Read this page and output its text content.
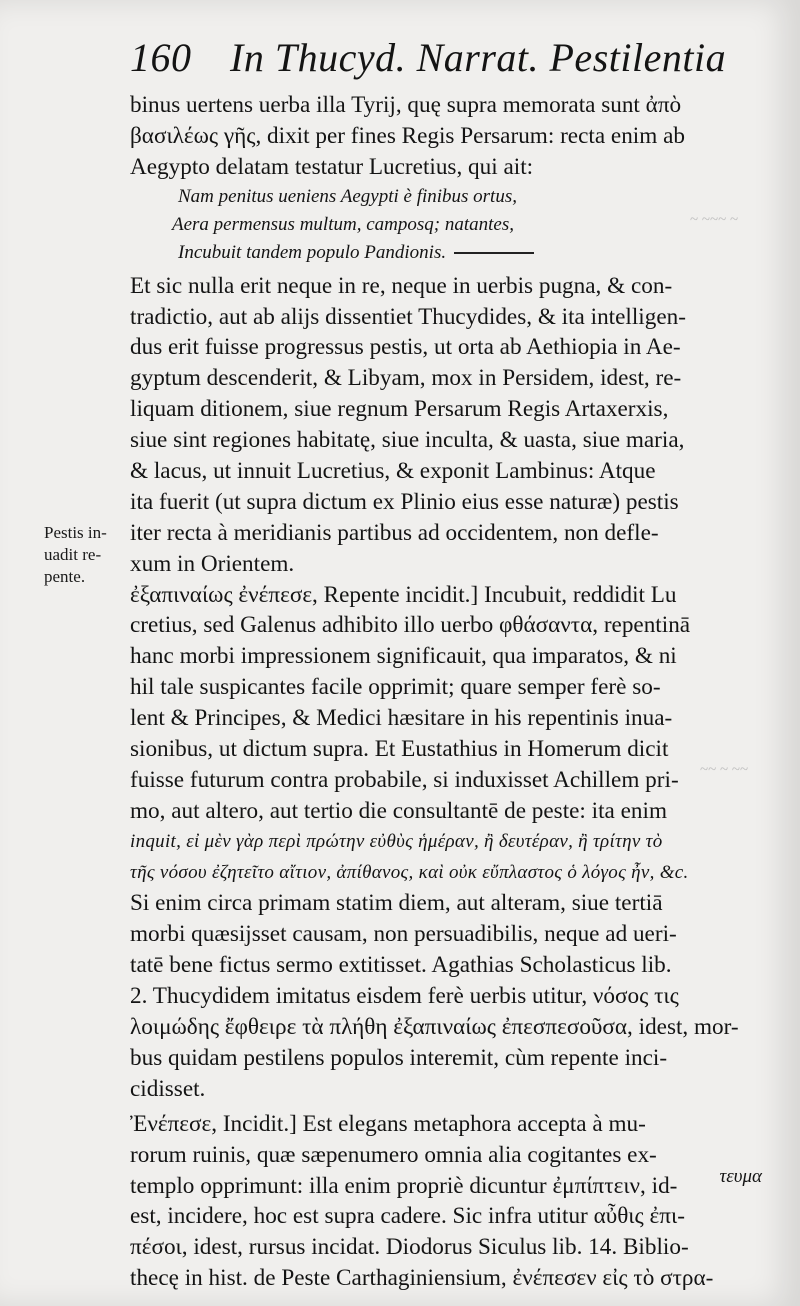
~ ~~~ ~
~~ ~ ~~
160 In Thucyd. Narrat. Pestilentia
Pestis in-
uadit re-
pente.
binus uertens uerba illa Tyrij, quę supra memorata sunt ἀπὸ
βασιλέως γῆς, dixit per fines Regis Persarum: recta enim ab
Aegypto delatam testatur Lucretius, qui ait:
Nam penitus ueniens Aegypti è finibus ortus,
Aera permensus multum, camposq; natantes,
Incubuit tandem populo Pandionis.
Et sic nulla erit neque in re, neque in uerbis pugna, & con-
tradictio, aut ab alijs dissentiet Thucydides, & ita intelligen-
dus erit fuisse progressus pestis, ut orta ab Aethiopia in Ae-
gyptum descenderit, & Libyam, mox in Persidem, idest, re-
liquam ditionem, siue regnum Persarum Regis Artaxerxis,
siue sint regiones habitatę, siue inculta, & uasta, siue maria,
& lacus, ut innuit Lucretius, & exponit Lambinus: Atque
ita fuerit (ut supra dictum ex Plinio eius esse naturæ) pestis
iter recta à meridianis partibus ad occidentem, non defle-
xum in Orientem.
ἐξαπιναίως ἐνέπεσε, Repente incidit.] Incubuit, reddidit Lu
cretius, sed Galenus adhibito illo uerbo φθάσαντα, repentinā
hanc morbi impressionem significauit, qua imparatos, & ni
hil tale suspicantes facile opprimit; quare semper ferè so-
lent & Principes, & Medici hæsitare in his repentinis inua-
sionibus, ut dictum supra. Et Eustathius in Homerum dicit
fuisse futurum contra probabile, si induxisset Achillem pri-
mo, aut altero, aut tertio die consultantē de peste: ita enim
inquit, εἰ μὲν γὰρ περὶ πρώτην εὐθὺς ἡμέραν, ἢ δευτέραν, ἢ τρίτην τὸ
τῆς νόσου ἐζητεῖτο αἴτιον, ἀπίθανος, καὶ οὐκ εὔπλαστος ὁ λόγος ἦν, &c.
Si enim circa primam statim diem, aut alteram, siue tertiā
morbi quæsijsset causam, non persuadibilis, neque ad ueri-
tatē bene fictus sermo extitisset. Agathias Scholasticus lib.
2. Thucydidem imitatus eisdem ferè uerbis utitur, νόσος τις
λοιμώδης ἔφθειρε τὰ πλήθη ἐξαπιναίως ἐπεσπεσοῦσα, idest, mor-
bus quidam pestilens populos interemit, cùm repente inci-
cidisset.
Ἐνέπεσε, Incidit.] Est elegans metaphora accepta à mu-
rorum ruinis, quæ sæpenumero omnia alia cogitantes ex-
templo opprimunt: illa enim propriè dicuntur ἐμπίπτειν, id-
est, incidere, hoc est supra cadere. Sic infra utitur αὖθις ἐπι-
πέσοι, idest, rursus incidat. Diodorus Siculus lib. 14. Biblio-
thecę in hist. de Peste Carthaginiensium, ἐνέπεσεν εἰς τὸ στρα-
τευμα
